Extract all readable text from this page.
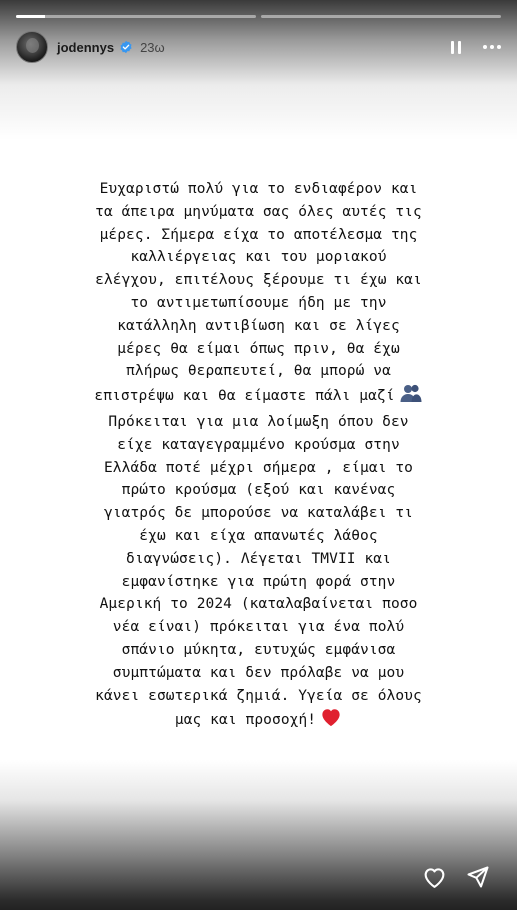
jodennys 23ω
Ευχαριστώ πολύ για το ενδιαφέρον και
τα άπειρα μηνύματα σας όλες αυτές τις
μέρες. Σήμερα είχα το αποτέλεσμα της
καλλιέργειας και του μοριακού
ελέγχου, επιτέλους ξέρουμε τι έχω και
το αντιμετωπίσουμε ήδη με την
κατάλληλη αντιβίωση και σε λίγες
μέρες θα είμαι όπως πριν, θα έχω
πλήρως θεραπευτεί, θα μπορώ να
επιστρέψω και θα είμαστε πάλι μαζί
Πρόκειται για μια λοίμωξη όπου δεν
είχε καταγεγραμμένο κρούσμα στην
Ελλάδα ποτέ μέχρι σήμερα , είμαι το
πρώτο κρούσμα (εξού και κανένας
γιατρός δε μπορούσε να καταλάβει τι
έχω και είχα απανωτές λάθος
διαγνώσεις). Λέγεται TMVII και
εμφανίστηκε για πρώτη φορά στην
Αμερική το 2024 (καταλαβαίνεται ποσο
νέα είναι) πρόκειται για ένα πολύ
σπάνιο μύκητα, ευτυχώς εμφάνισα
συμπτώματα και δεν πρόλαβε να μου
κάνει εσωτερικά ζημιά. Υγεία σε όλους
μας και προσοχή!
